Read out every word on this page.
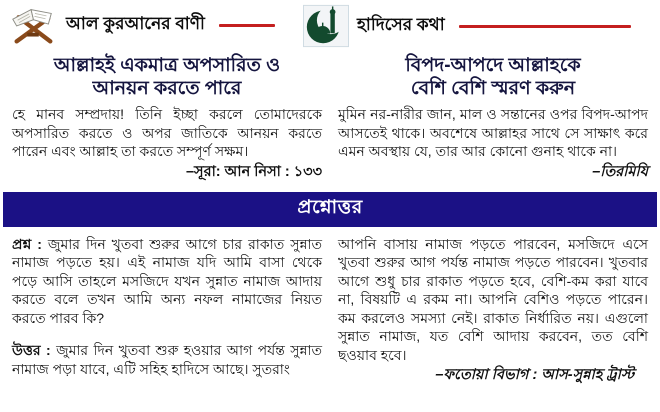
আল কুরআনের বাণী	হাদিসের কথা
আল্লাহই একমাত্র অপসারিত ও
আনয়ন করতে পারে
হে মানব সম্প্রদায়! তিনি ইচ্ছা করলে তোমাদেরকে অপসারিত করতে ও অপর জাতিকে আনয়ন করতে পারেন এবং আল্লাহ তা করতে সম্পূর্ণ সক্ষম।
–সূরা: আন নিসা : ১৩৩
বিপদ-আপদে আল্লাহকে
বেশি বেশি স্মরণ করুন
মুমিন নর-নারীর জান, মাল ও সন্তানের ওপর বিপদ-আপদ আসতেই থাকে। অবশেষে আল্লাহর সাথে সে সাক্ষাৎ করে এমন অবস্থায় যে, তার আর কোনো গুনাহ থাকে না।
–তিরমিযি
প্রশ্নোত্তর
প্রশ্ন : জুমার দিন খুতবা শুরুর আগে চার রাকাত সুন্নাত নামাজ পড়তে হয়। এই নামাজ যদি আমি বাসা থেকে পড়ে আসি তাহলে মসজিদে যখন সুন্নাত নামাজ আদায় করতে বলে তখন আমি অন্য নফল নামাজের নিয়ত করতে পারব কি?
উত্তর : জুমার দিন খুতবা শুরু হওয়ার আগ পর্যন্ত সুন্নাত নামাজ পড়া যাবে, এটি সহিহ হাদিসে আছে। সুতরাং
আপনি বাসায় নামাজ পড়তে পারবেন, মসজিদে এসে খুতবা শুরুর আগ পর্যন্ত নামাজ পড়তে পারবেন। খুতবার আগে শুধু চার রাকাত পড়তে হবে, বেশি-কম করা যাবে না, বিষয়টি এ রকম না। আপনি বেশিও পড়তে পারেন। কম করলেও সমস্যা নেই। রাকাত নির্ধারিত নয়। এগুলো সুন্নাত নামাজ, যত বেশি আদায় করবেন, তত বেশি ছওয়াব হবে।
–ফতোয়া বিভাগ : আস-সুন্নাহ ট্রাস্ট
